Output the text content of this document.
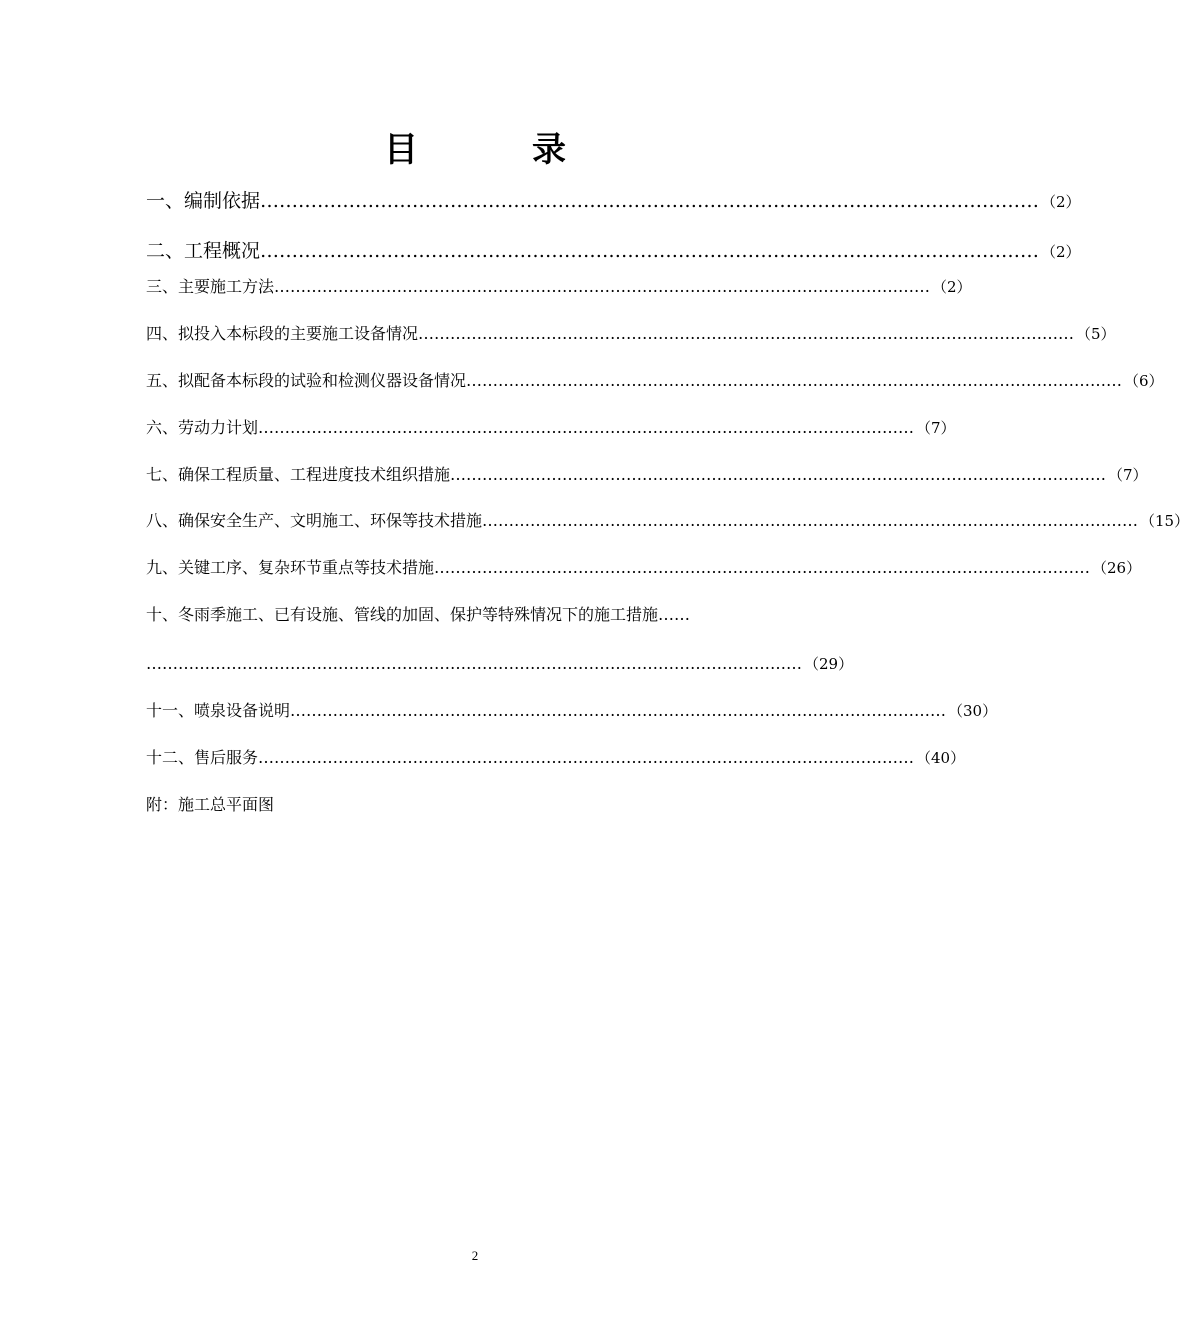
目　录
一、编制依据 …………………………………………………………………………………………………………… （2）
二、工程概况 …………………………………………………………………………………………………………… （2）
三、主要施工方法 …………………………………………………………………………………………………………… （2）
四、拟投入本标段的主要施工设备情况 …………………………………………………………………………………………………………… （5）
五、拟配备本标段的试验和检测仪器设备情况 …………………………………………………………………………………………………………… （6）
六、劳动力计划 …………………………………………………………………………………………………………… （7）
七、确保工程质量、工程进度技术组织措施 …………………………………………………………………………………………………………… （7）
八、确保安全生产、文明施工、环保等技术措施 …………………………………………………………………………………………………………… （15）
九、关键工序、复杂环节重点等技术措施 …………………………………………………………………………………………………………… （26）
十、冬雨季施工、已有设施、管线的加固、保护等特殊情况下的施工措施……
…………………………………………………………………………………………………………… （29）
十一、喷泉设备说明 …………………………………………………………………………………………………………… （30）
十二、售后服务 …………………………………………………………………………………………………………… （40）
附：施工总平面图
2
